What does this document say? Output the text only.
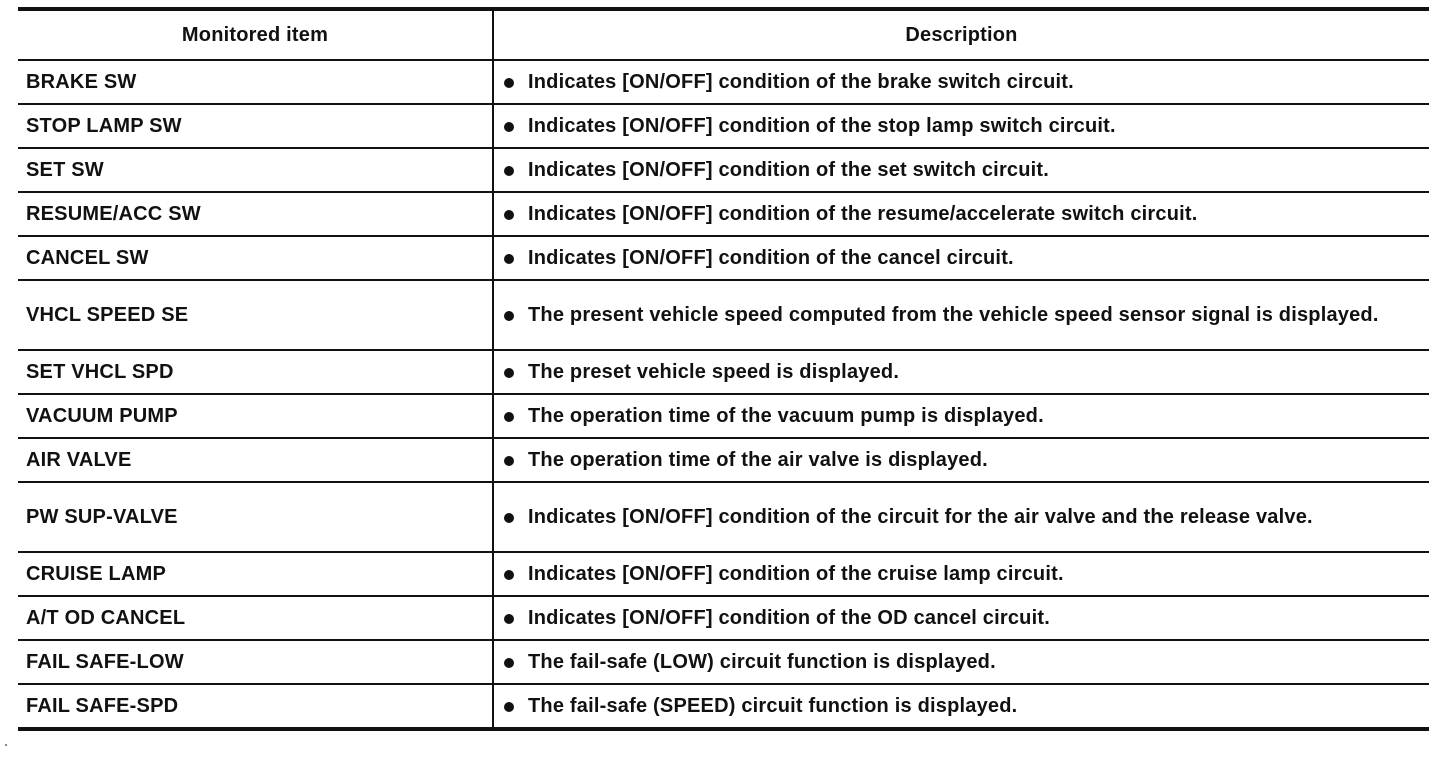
Monitored item	Description
BRAKE SW	Indicates [ON/OFF] condition of the brake switch circuit.

STOP LAMP SW	Indicates [ON/OFF] condition of the stop lamp switch circuit.

SET SW	Indicates [ON/OFF] condition of the set switch circuit.

RESUME/ACC SW	Indicates [ON/OFF] condition of the resume/accelerate switch circuit.

CANCEL SW	Indicates [ON/OFF] condition of the cancel circuit.

VHCL SPEED SE	The present vehicle speed computed from the vehicle speed sensor signal is displayed.

SET VHCL SPD	The preset vehicle speed is displayed.

VACUUM PUMP	The operation time of the vacuum pump is displayed.

AIR VALVE	The operation time of the air valve is displayed.

PW SUP-VALVE	Indicates [ON/OFF] condition of the circuit for the air valve and the release valve.

CRUISE LAMP	Indicates [ON/OFF] condition of the cruise lamp circuit.

A/T OD CANCEL	Indicates [ON/OFF] condition of the OD cancel circuit.

FAIL SAFE-LOW	The fail-safe (LOW) circuit function is displayed.

FAIL SAFE-SPD	The fail-safe (SPEED) circuit function is displayed.
